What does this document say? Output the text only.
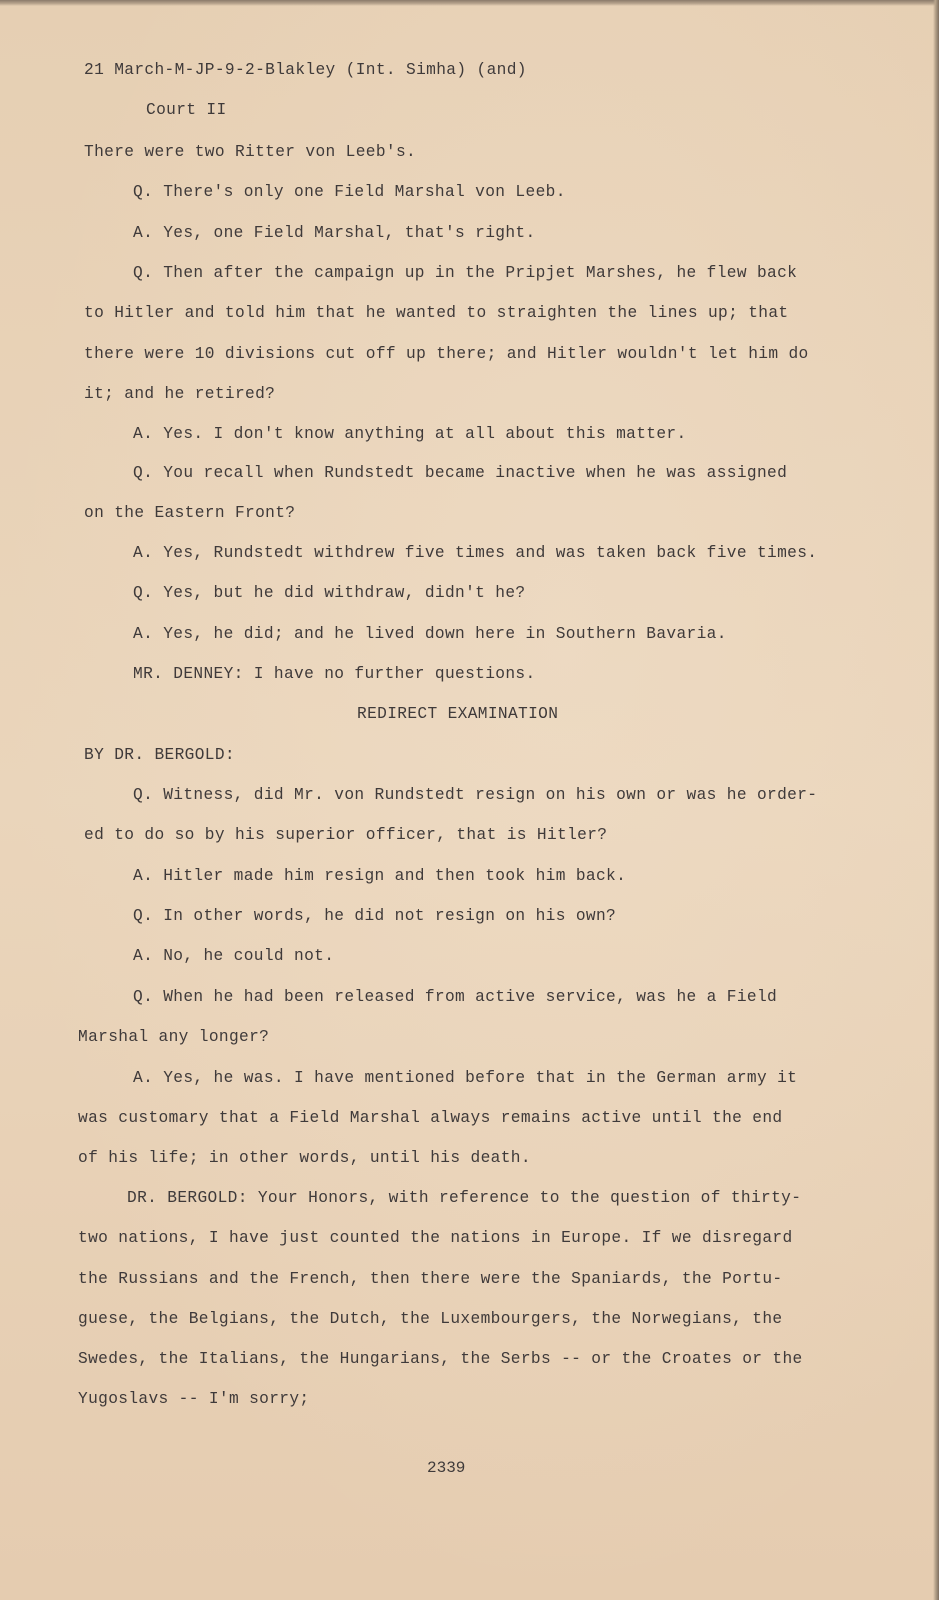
21 March-M-JP-9-2-Blakley (Int. Simha) (and)
Court II
There were two Ritter von Leeb's.
Q. There's only one Field Marshal von Leeb.
A. Yes, one Field Marshal, that's right.
Q. Then after the campaign up in the Pripjet Marshes, he flew back
to Hitler and told him that he wanted to straighten the lines up; that
there were 10 divisions cut off up there; and Hitler wouldn't let him do
it; and he retired?
A. Yes. I don't know anything at all about this matter.
Q. You recall when Rundstedt became inactive when he was assigned
on the Eastern Front?
A. Yes, Rundstedt withdrew five times and was taken back five times.
Q. Yes, but he did withdraw, didn't he?
A. Yes, he did; and he lived down here in Southern Bavaria.
MR. DENNEY: I have no further questions.
REDIRECT EXAMINATION
BY DR. BERGOLD:
Q. Witness, did Mr. von Rundstedt resign on his own or was he order-
ed to do so by his superior officer, that is Hitler?
A. Hitler made him resign and then took him back.
Q. In other words, he did not resign on his own?
A. No, he could not.
Q. When he had been released from active service, was he a Field
Marshal any longer?
A. Yes, he was. I have mentioned before that in the German army it
was customary that a Field Marshal always remains active until the end
of his life; in other words, until his death.
DR. BERGOLD: Your Honors, with reference to the question of thirty-
two nations, I have just counted the nations in Europe. If we disregard
the Russians and the French, then there were the Spaniards, the Portu-
guese, the Belgians, the Dutch, the Luxembourgers, the Norwegians, the
Swedes, the Italians, the Hungarians, the Serbs -- or the Croates or the
Yugoslavs -- I'm sorry;
2339
